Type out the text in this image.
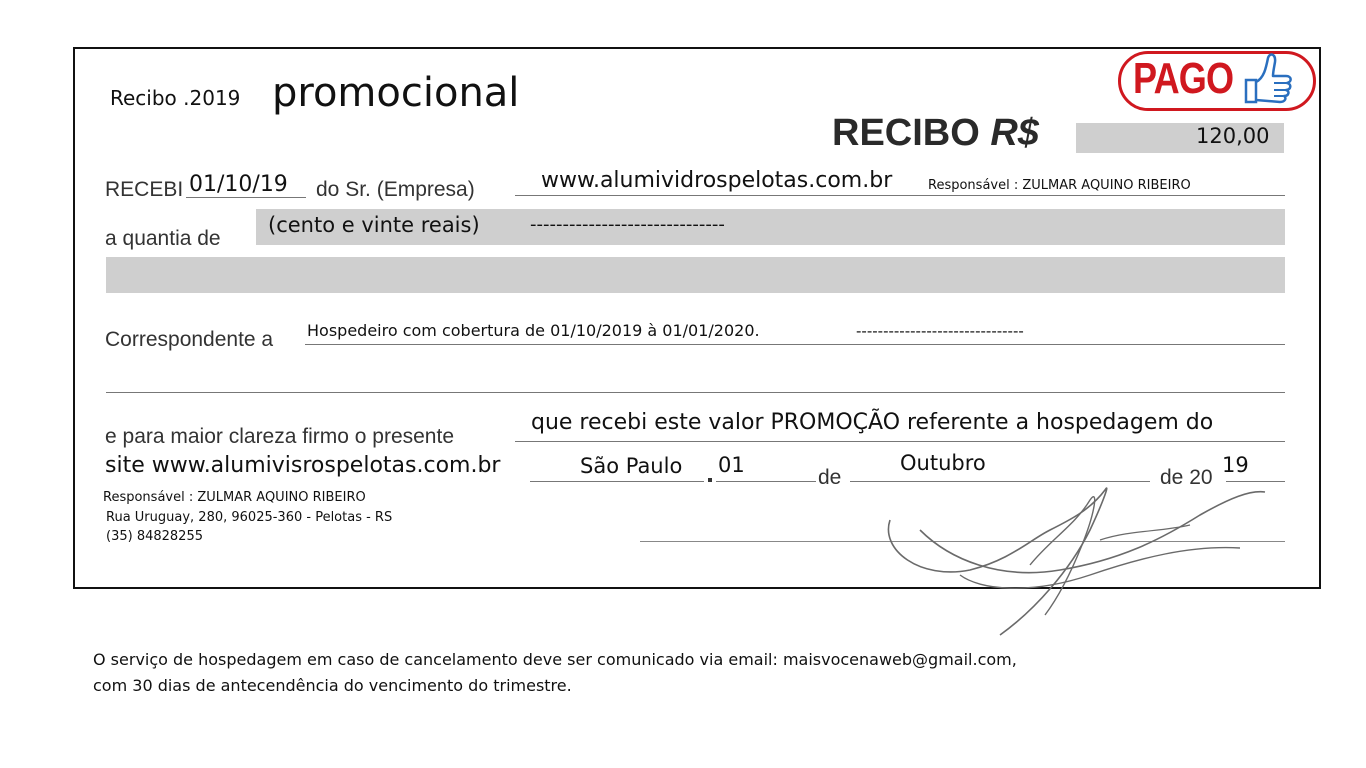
Recibo .2019 promocional
RECIBO R$	120,00
PAGO
RECEBI 01/10/19 do Sr. (Empresa)	www.alumividrospelotas.com.br	Responsável : ZULMAR AQUINO RIBEIRO
a quantia de
(cento e vinte reais)	------------------------------
Correspondente a Hospedeiro com cobertura de 01/10/2019 à 01/01/2020.	-------------------------------
e para maior clareza firmo o presente
que recebi este valor PROMOÇÃO referente a hospedagem do
site www.alumivisrospelotas.com.br	São Paulo 01
de
Outubro
de 20
19
Responsável : ZULMAR AQUINO RIBEIRO
Rua Uruguay, 280, 96025-360 - Pelotas - RS
(35) 84828255
O serviço de hospedagem em caso de cancelamento deve ser comunicado via email: maisvocenaweb@gmail.com,
com 30 dias de antecendência do vencimento do trimestre.
